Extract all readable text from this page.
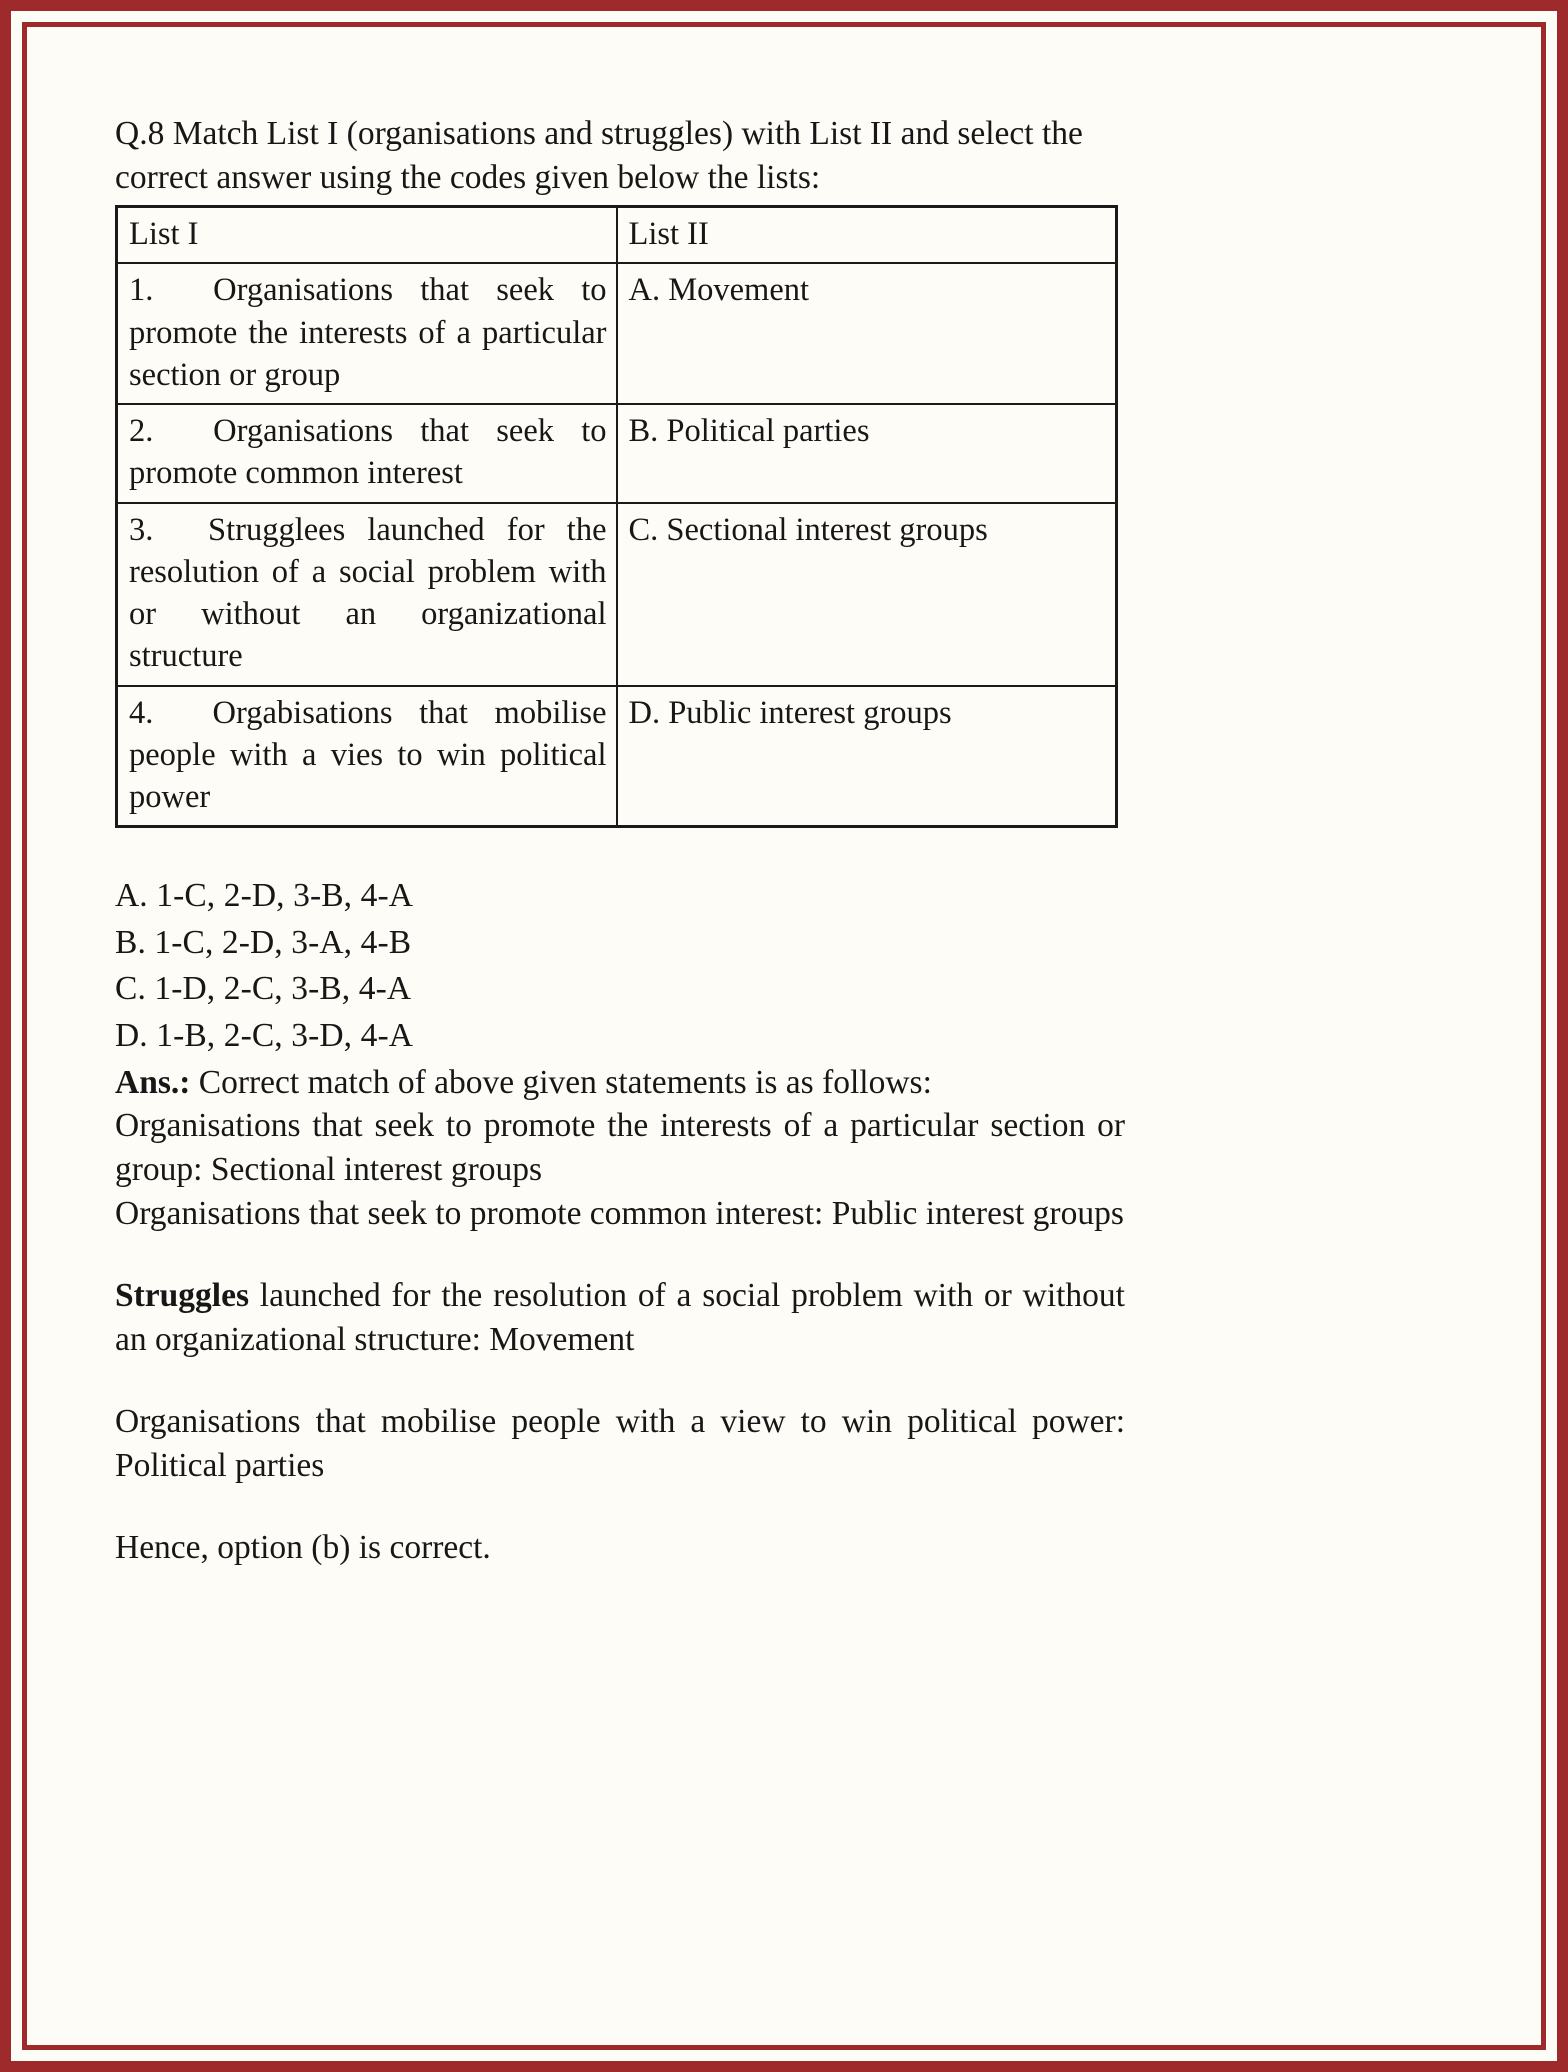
Q.8 Match List I (organisations and struggles) with List II and select the
correct answer using the codes given below the lists:
List I	List II
1.  Organisations that seek to promote the interests of a particular section or group	A. Movement
2.  Organisations that seek to promote common interest	B. Political parties
3.  Strugglees launched for the resolution of a social problem with or without an organizational structure	C. Sectional interest groups
4.  Orgabisations that mobilise people with a vies to win political power	D. Public interest groups
A. 1-C, 2-D, 3-B, 4-A
B. 1-C, 2-D, 3-A, 4-B
C. 1-D, 2-C, 3-B, 4-A
D. 1-B, 2-C, 3-D, 4-A
Ans.: Correct match of above given statements is as follows:
Organisations that seek to promote the interests of a particular section or group: Sectional interest groups
Organisations that seek to promote common interest: Public interest groups
Struggles launched for the resolution of a social problem with or without an organizational structure: Movement
Organisations that mobilise people with a view to win political power: Political parties
Hence, option (b) is correct.
